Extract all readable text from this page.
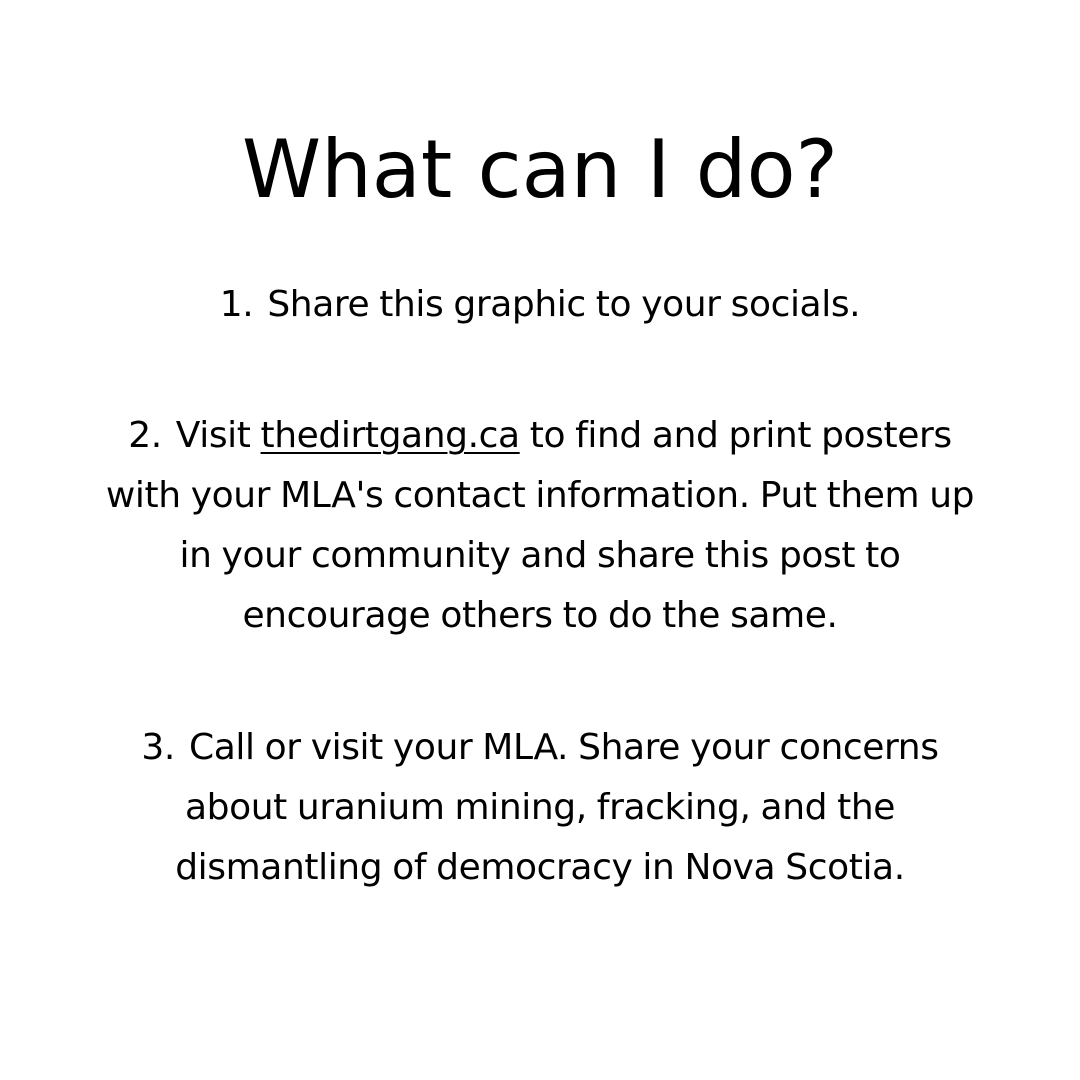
What can I do?

1. Share this graphic to your socials.

2. Visit thedirtgang.ca to find and print posters with your MLA's contact information. Put them up in your community and share this post to encourage others to do the same.

3. Call or visit your MLA. Share your concerns about uranium mining, fracking, and the dismantling of democracy in Nova Scotia.
